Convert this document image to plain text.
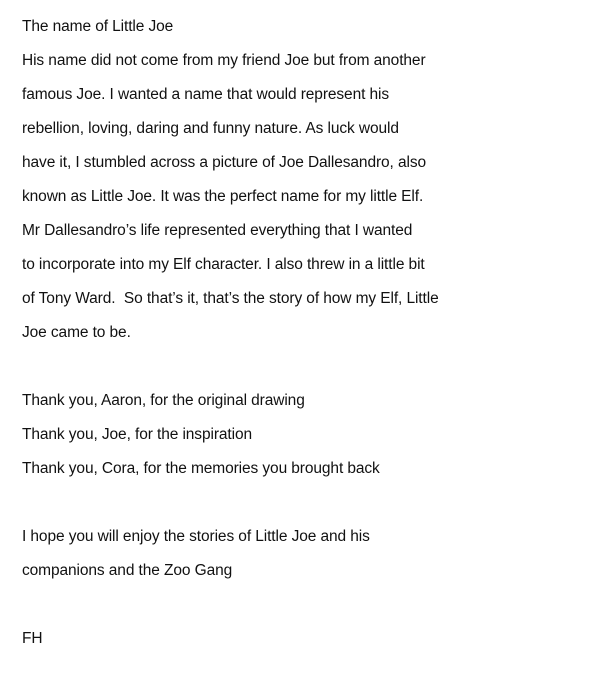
The name of Little Joe
His name did not come from my friend Joe but from another
famous Joe. I wanted a name that would represent his
rebellion, loving, daring and funny nature. As luck would
have it, I stumbled across a picture of Joe Dallesandro, also
known as Little Joe. It was the perfect name for my little Elf.
Mr Dallesandro’s life represented everything that I wanted
to incorporate into my Elf character. I also threw in a little bit
of Tony Ward.  So that’s it, that’s the story of how my Elf, Little
Joe came to be.
Thank you, Aaron, for the original drawing
Thank you, Joe, for the inspiration
Thank you, Cora, for the memories you brought back
I hope you will enjoy the stories of Little Joe and his
companions and the Zoo Gang
FH
